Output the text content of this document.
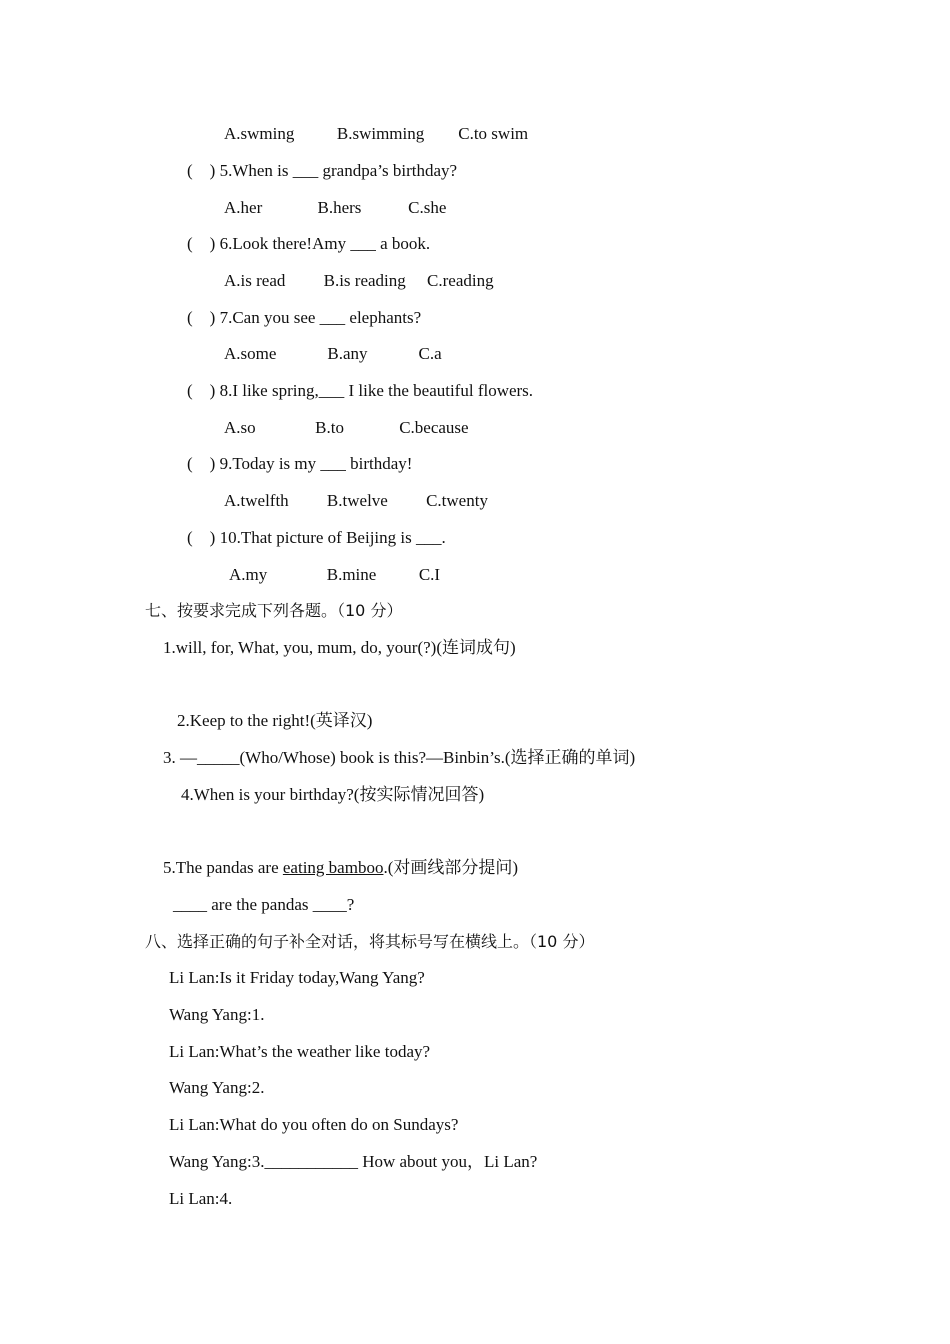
A.swming          B.swimming        C.to swim
(    ) 5.When is ___ grandpa’s birthday?
A.her             B.hers           C.she
(    ) 6.Look there!Amy ___ a book.
A.is read         B.is reading     C.reading
(    ) 7.Can you see ___ elephants?
A.some            B.any            C.a
(    ) 8.I like spring,___ I like the beautiful flowers.
A.so              B.to             C.because
(    ) 9.Today is my ___ birthday!
A.twelfth         B.twelve         C.twenty
(    ) 10.That picture of Beijing is ___.
A.my              B.mine          C.I
七、按要求完成下列各题。（10 分）
1.will, for, What, you, mum, do, your(?)(连词成句)
2.Keep to the right!(英译汉)
3. —_____(Who/Whose) book is this?—Binbin’s.(选择正确的单词)
4.When is your birthday?(按实际情况回答)
5.The pandas are eating bamboo.(对画线部分提问)
____ are the pandas ____?
八、选择正确的句子补全对话，将其标号写在横线上。（10 分）
Li Lan:Is it Friday today,Wang Yang?
Wang Yang:1.
Li Lan:What’s the weather like today?
Wang Yang:2.
Li Lan:What do you often do on Sundays?
Wang Yang:3.___________ How about you，Li Lan?
Li Lan:4.
